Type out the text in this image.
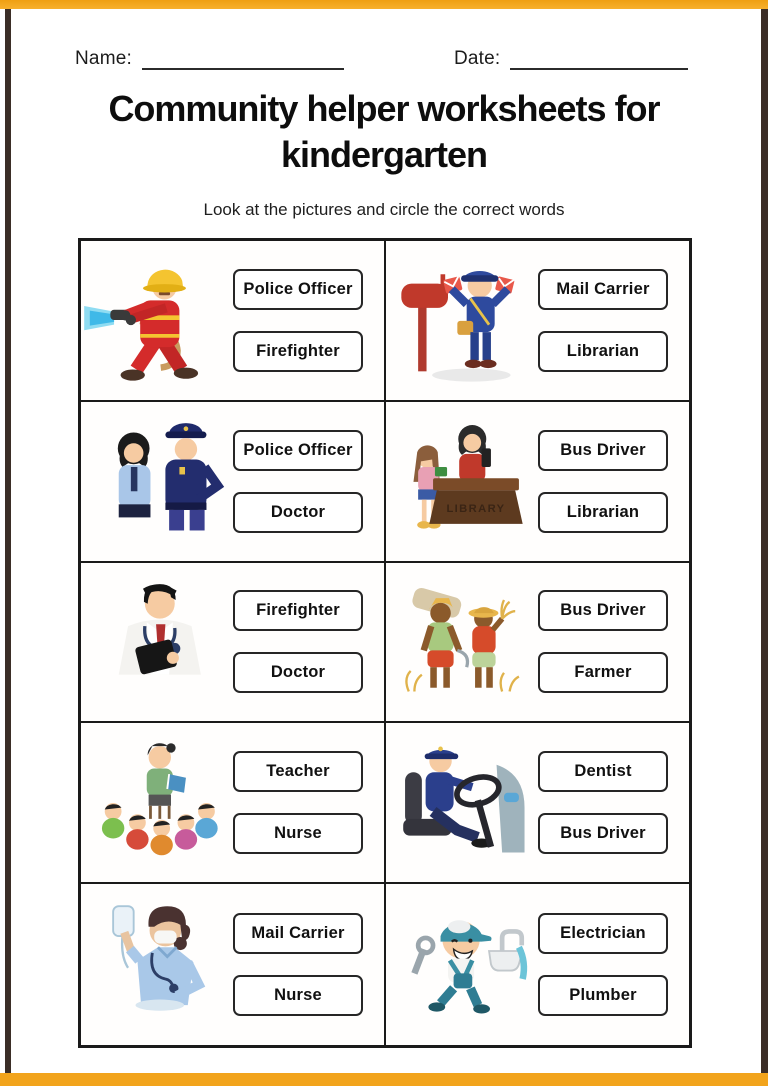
Name:	Date:
Community helper worksheets for kindergarten
Look at the pictures and circle the correct words
Police Officer
Firefighter
Mail Carrier
Librarian
Police Officer
Doctor	LIBRARY
Bus Driver
Librarian
Firefighter
Doctor
Bus Driver
Farmer
Teacher
Nurse
Dentist
Bus Driver
Mail Carrier
Nurse
Electrician
Plumber
